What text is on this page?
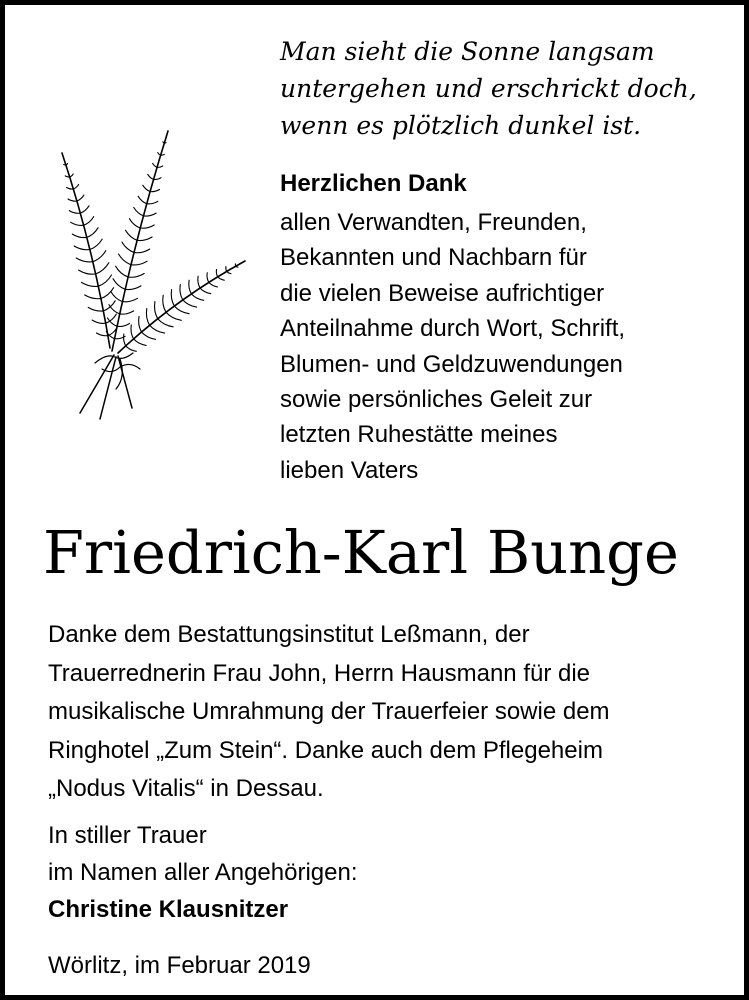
Man sieht die Sonne langsam
untergehen und erschrickt doch,
wenn es plötzlich dunkel ist.
Herzlichen Dank
allen Verwandten, Freunden,
Bekannten und Nachbarn für
die vielen Beweise aufrichtiger
Anteilnahme durch Wort, Schrift,
Blumen- und Geldzuwendungen
sowie persönliches Geleit zur
letzten Ruhestätte meines
lieben Vaters
Friedrich-Karl Bunge
Danke dem Bestattungsinstitut Leßmann, der
Trauerrednerin Frau John, Herrn Hausmann für die
musikalische Umrahmung der Trauerfeier sowie dem
Ringhotel „Zum Stein“. Danke auch dem Pflegeheim
„Nodus Vitalis“ in Dessau.
In stiller Trauer
im Namen aller Angehörigen:
Christine Klausnitzer
Wörlitz, im Februar 2019
